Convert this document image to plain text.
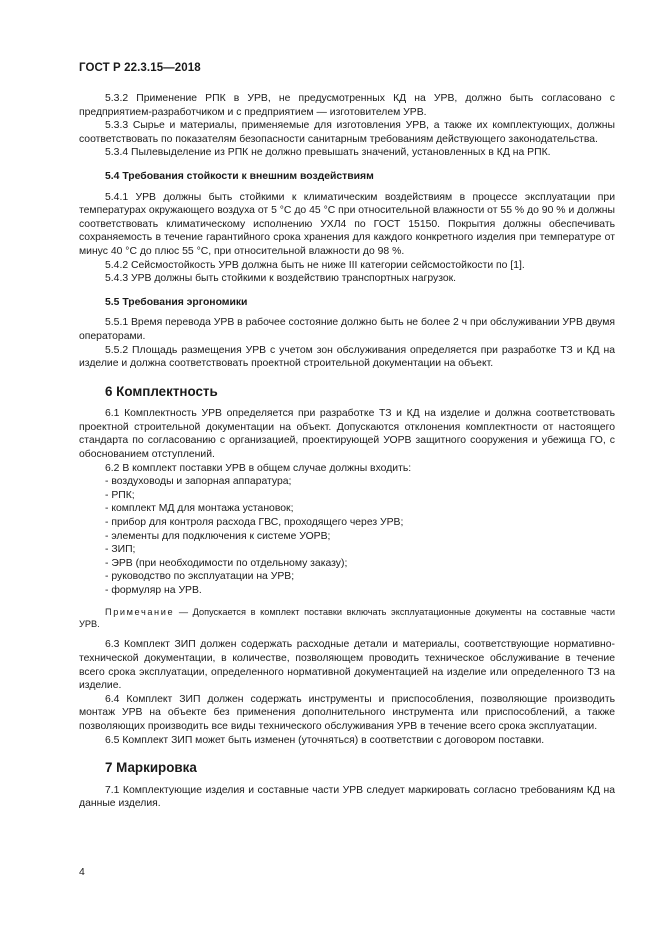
ГОСТ Р 22.3.15—2018

5.3.2 Применение РПК в УРВ, не предусмотренных КД на УРВ, должно быть согласовано с предприятием-разработчиком и с предприятием — изготовителем УРВ.

5.3.3 Сырье и материалы, применяемые для изготовления УРВ, а также их комплектующих, должны соответствовать по показателям безопасности санитарным требованиям действующего законодательства.

5.3.4 Пылевыделение из РПК не должно превышать значений, установленных в КД на РПК.

5.4 Требования стойкости к внешним воздействиям

5.4.1 УРВ должны быть стойкими к климатическим воздействиям в процессе эксплуатации при температурах окружающего воздуха от 5 °С до 45 °С при относительной влажности от 55 % до 90 % и должны соответствовать климатическому исполнению УХЛ4 по ГОСТ 15150. Покрытия должны обеспечивать сохраняемость в течение гарантийного срока хранения для каждого конкретного изделия при температуре от минус 40 °С до плюс 55 °С, при относительной влажности до 98 %.

5.4.2 Сейсмостойкость УРВ должна быть не ниже III категории сейсмостойкости по [1].

5.4.3 УРВ должны быть стойкими к воздействию транспортных нагрузок.

5.5 Требования эргономики

5.5.1 Время перевода УРВ в рабочее состояние должно быть не более 2 ч при обслуживании УРВ двумя операторами.

5.5.2 Площадь размещения УРВ с учетом зон обслуживания определяется при разработке ТЗ и КД на изделие и должна соответствовать проектной строительной документации на объект.

6 Комплектность

6.1 Комплектность УРВ определяется при разработке ТЗ и КД на изделие и должна соответствовать проектной строительной документации на объект. Допускаются отклонения комплектности от настоящего стандарта по согласованию с организацией, проектирующей УОРВ защитного сооружения и убежища ГО, с обоснованием отступлений.

6.2 В комплект поставки УРВ в общем случае должны входить:

- воздуховоды и запорная аппаратура;
- РПК;
- комплект МД для монтажа установок;
- прибор для контроля расхода ГВС, проходящего через УРВ;
- элементы для подключения к системе УОРВ;
- ЗИП;
- ЭРВ (при необходимости по отдельному заказу);
- руководство по эксплуатации на УРВ;
- формуляр на УРВ.

Примечание — Допускается в комплект поставки включать эксплуатационные документы на составные части УРВ.

6.3 Комплект ЗИП должен содержать расходные детали и материалы, соответствующие нормативно-технической документации, в количестве, позволяющем проводить техническое обслуживание в течение всего срока эксплуатации, определенного нормативной документацией на изделие или определенного ТЗ на изделие.

6.4 Комплект ЗИП должен содержать инструменты и приспособления, позволяющие производить монтаж УРВ на объекте без применения дополнительного инструмента или приспособлений, а также позволяющих производить все виды технического обслуживания УРВ в течение всего срока эксплуатации.

6.5 Комплект ЗИП может быть изменен (уточняться) в соответствии с договором поставки.

7 Маркировка

7.1 Комплектующие изделия и составные части УРВ следует маркировать согласно требованиям КД на данные изделия.

4
